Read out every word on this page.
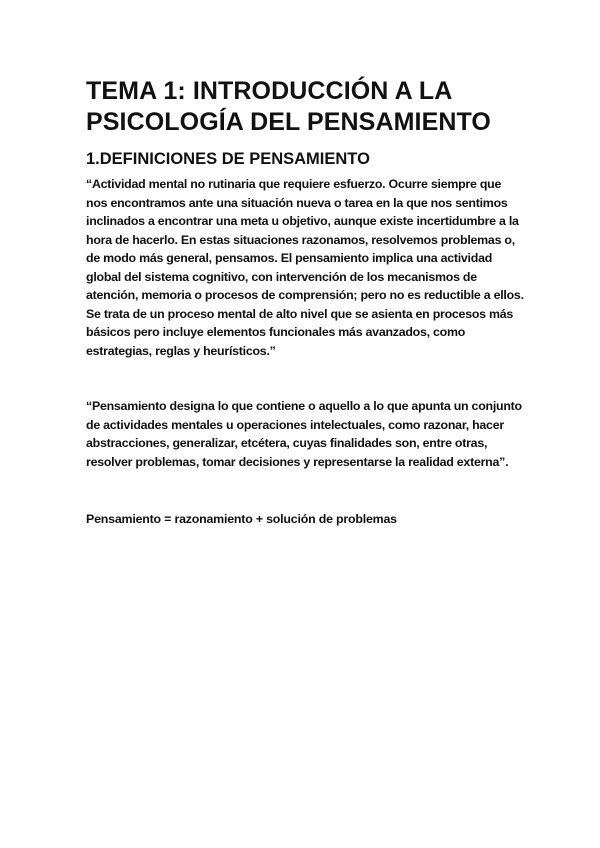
TEMA 1: INTRODUCCIÓN A LA PSICOLOGÍA DEL PENSAMIENTO
1.DEFINICIONES DE PENSAMIENTO

“Actividad mental no rutinaria que requiere esfuerzo. Ocurre siempre que nos encontramos ante una situación nueva o tarea en la que nos sentimos inclinados a encontrar una meta u objetivo, aunque existe incertidumbre a la hora de hacerlo. En estas situaciones razonamos, resolvemos problemas o, de modo más general, pensamos. El pensamiento implica una actividad global del sistema cognitivo, con intervención de los mecanismos de atención, memoria o procesos de comprensión; pero no es reductible a ellos. Se trata de un proceso mental de alto nivel que se asienta en procesos más básicos pero incluye elementos funcionales más avanzados, como estrategias, reglas y heurísticos.”

“Pensamiento designa lo que contiene o aquello a lo que apunta un conjunto de actividades mentales u operaciones intelectuales, como razonar, hacer abstracciones, generalizar, etcétera, cuyas finalidades son, entre otras, resolver problemas, tomar decisiones y representarse la realidad externa”.

Pensamiento = razonamiento + solución de problemas
